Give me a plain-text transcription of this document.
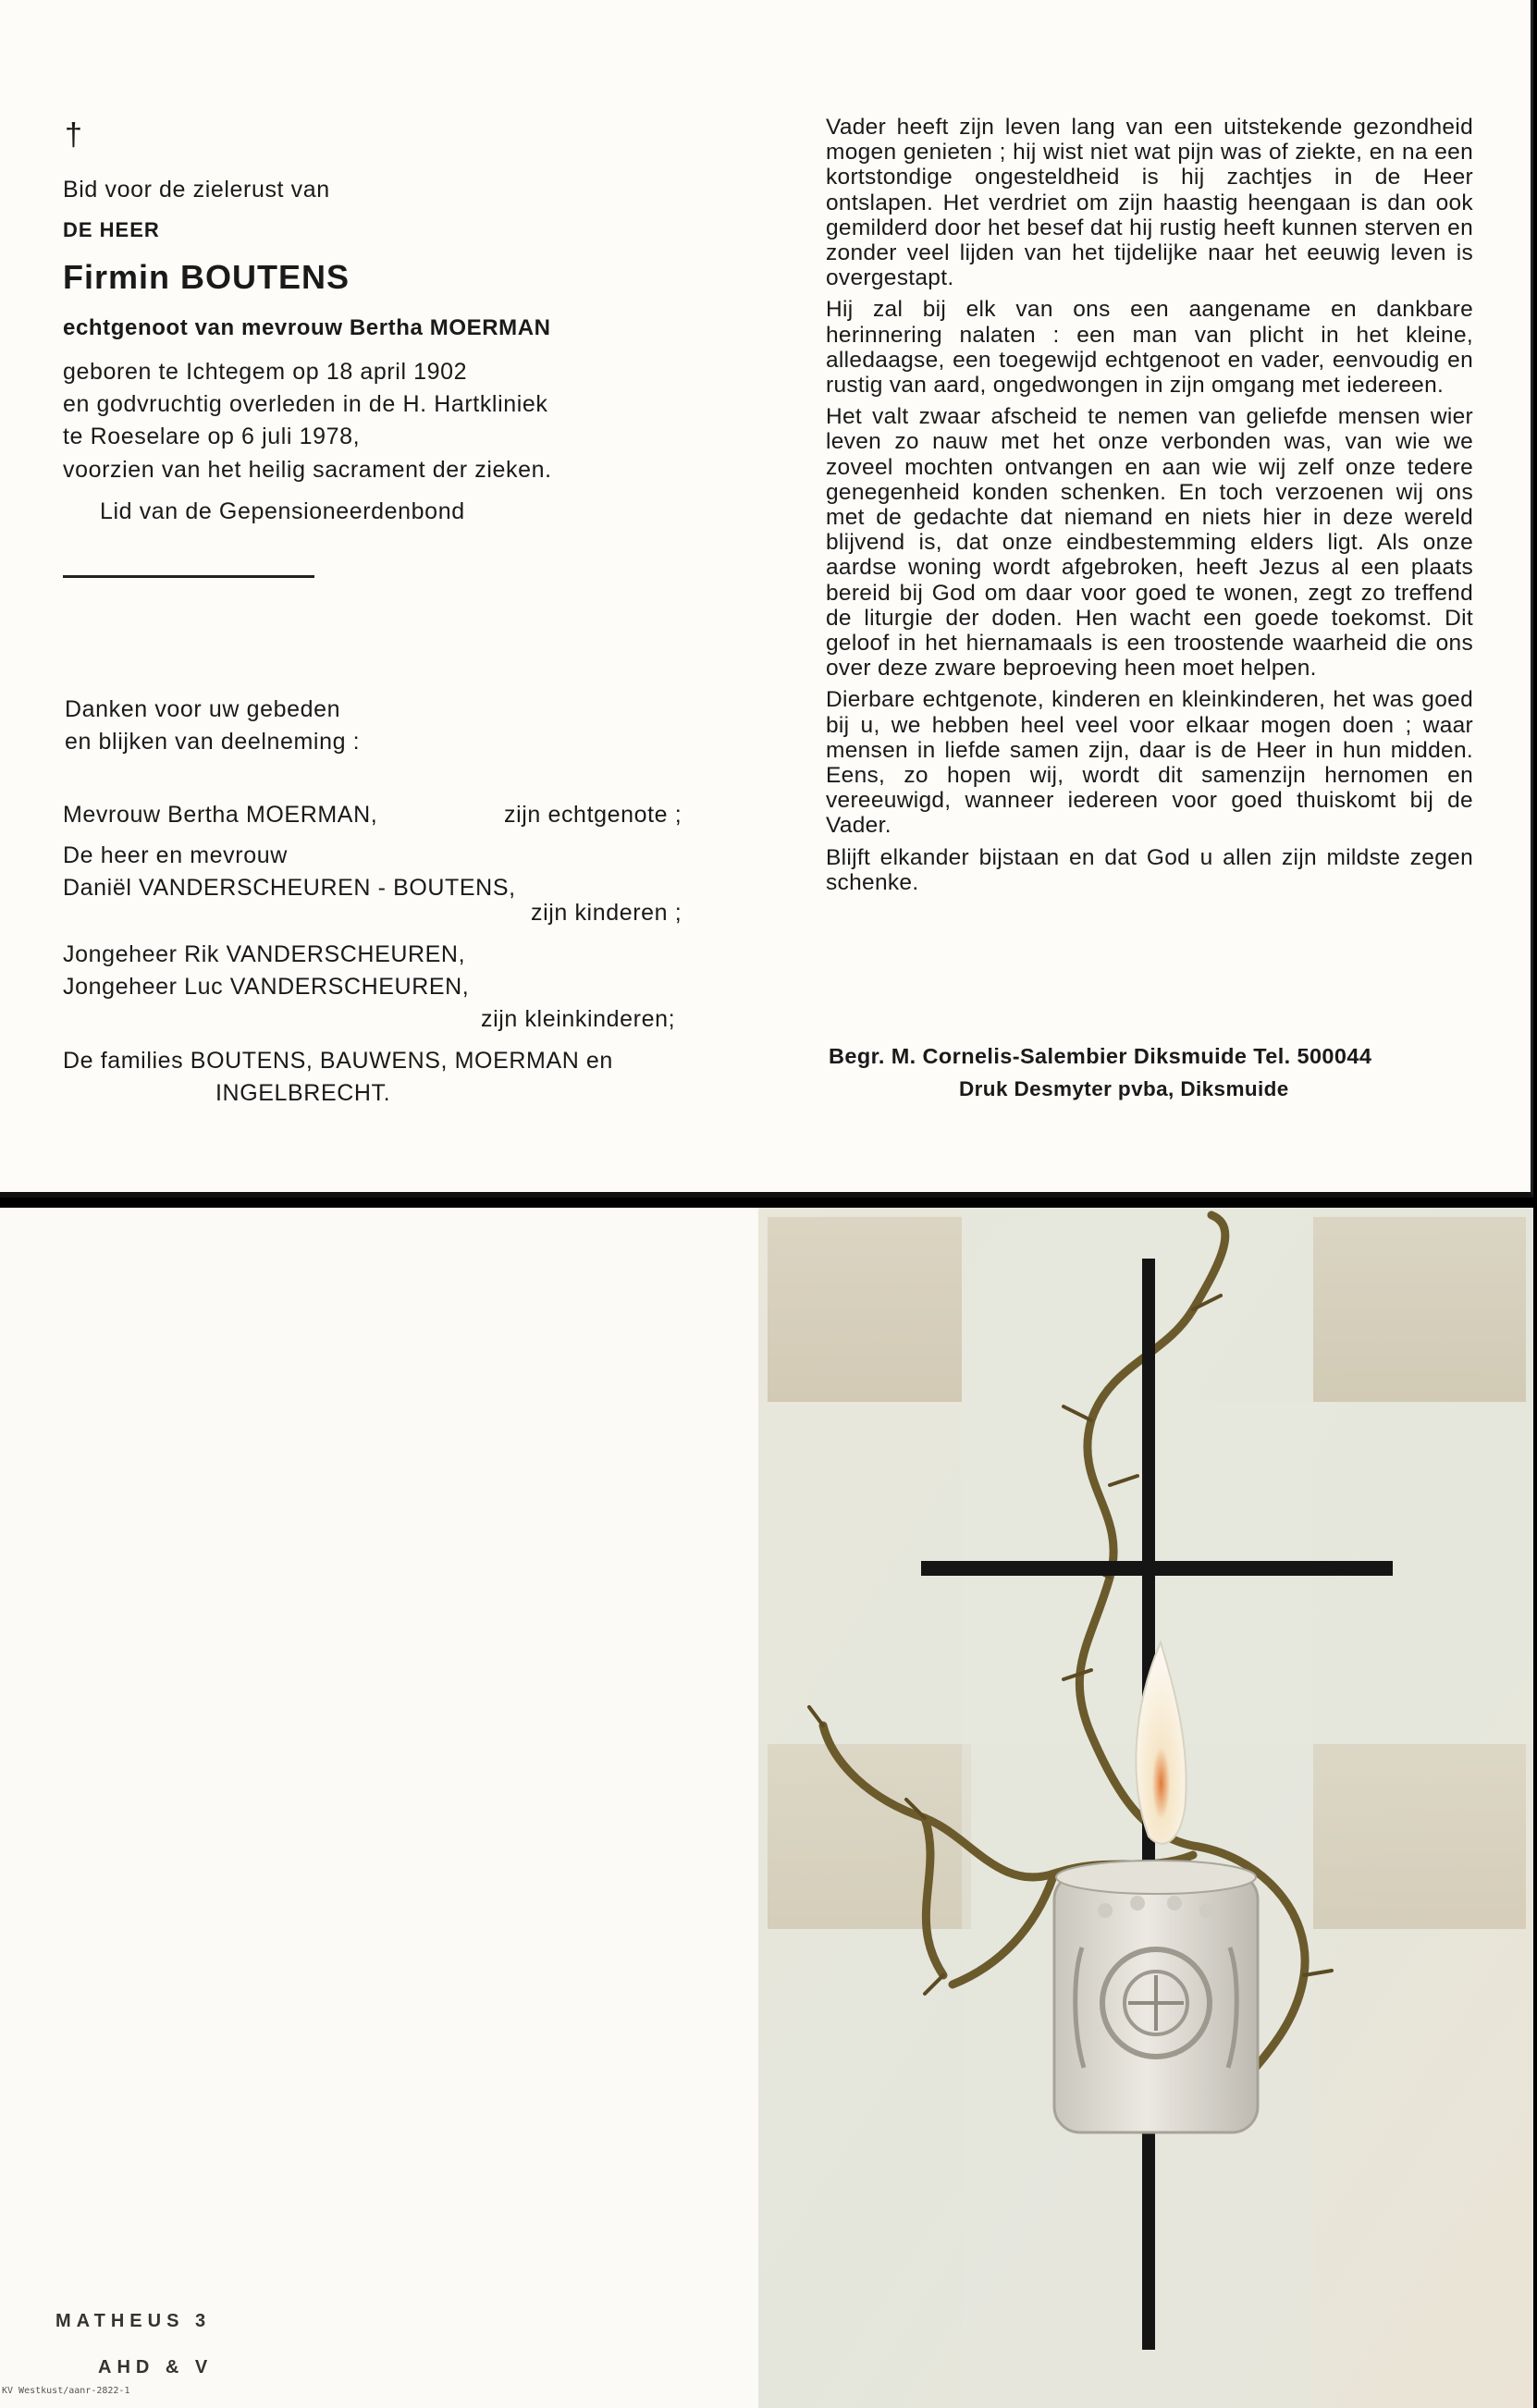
†
Bid voor de zielerust van
DE HEER
Firmin BOUTENS
echtgenoot van mevrouw Bertha MOERMAN
geboren te Ichtegem op 18 april 1902
en godvruchtig overleden in de H. Hartkliniek
te Roeselare op 6 juli 1978,
voorzien van het heilig sacrament der zieken.
Lid van de Gepensioneerdenbond
Danken voor uw gebeden
en blijken van deelneming :
Mevrouw Bertha MOERMAN,	zijn echtgenote ;
De heer en mevrouw
Daniël VANDERSCHEUREN - BOUTENS,
zijn kinderen ;
Jongeheer Rik VANDERSCHEUREN,
Jongeheer Luc VANDERSCHEUREN,
zijn kleinkinderen;
De families BOUTENS, BAUWENS, MOERMAN en
INGELBRECHT.

Vader heeft zijn leven lang van een uitstekende gezondheid mogen genieten ; hij wist niet wat pijn was of ziekte, en na een kortstondige ongesteldheid is hij zachtjes in de Heer ontslapen. Het verdriet om zijn haastig heengaan is dan ook gemilderd door het besef dat hij rustig heeft kunnen sterven en zonder veel lijden van het tijdelijke naar het eeuwig leven is overgestapt.

Hij zal bij elk van ons een aangename en dankbare herinnering nalaten : een man van plicht in het kleine, alledaagse, een toegewijd echtgenoot en vader, eenvoudig en rustig van aard, ongedwongen in zijn omgang met iedereen.

Het valt zwaar afscheid te nemen van geliefde mensen wier leven zo nauw met het onze verbonden was, van wie we zoveel mochten ontvangen en aan wie wij zelf onze tedere genegenheid konden schenken. En toch verzoenen wij ons met de gedachte dat niemand en niets hier in deze wereld blijvend is, dat onze eindbestemming elders ligt. Als onze aardse woning wordt afgebroken, heeft Jezus al een plaats bereid bij God om daar voor goed te wonen, zegt zo treffend de liturgie der doden. Hen wacht een goede toekomst. Dit geloof in het hiernamaals is een troostende waarheid die ons over deze zware beproeving heen moet helpen.

Dierbare echtgenote, kinderen en kleinkinderen, het was goed bij u, we hebben heel veel voor elkaar mogen doen ; waar mensen in liefde samen zijn, daar is de Heer in hun midden. Eens, zo hopen wij, wordt dit samenzijn hernomen en vereeuwigd, wanneer iedereen voor goed thuiskomt bij de Vader.

Blijft elkander bijstaan en dat God u allen zijn mildste zegen schenke.

Begr. M. Cornelis-Salembier Diksmuide Tel. 500044
Druk Desmyter pvba, Diksmuide
MATHEUS 3
AHD & V
KV Westkust/aanr-2822-1
